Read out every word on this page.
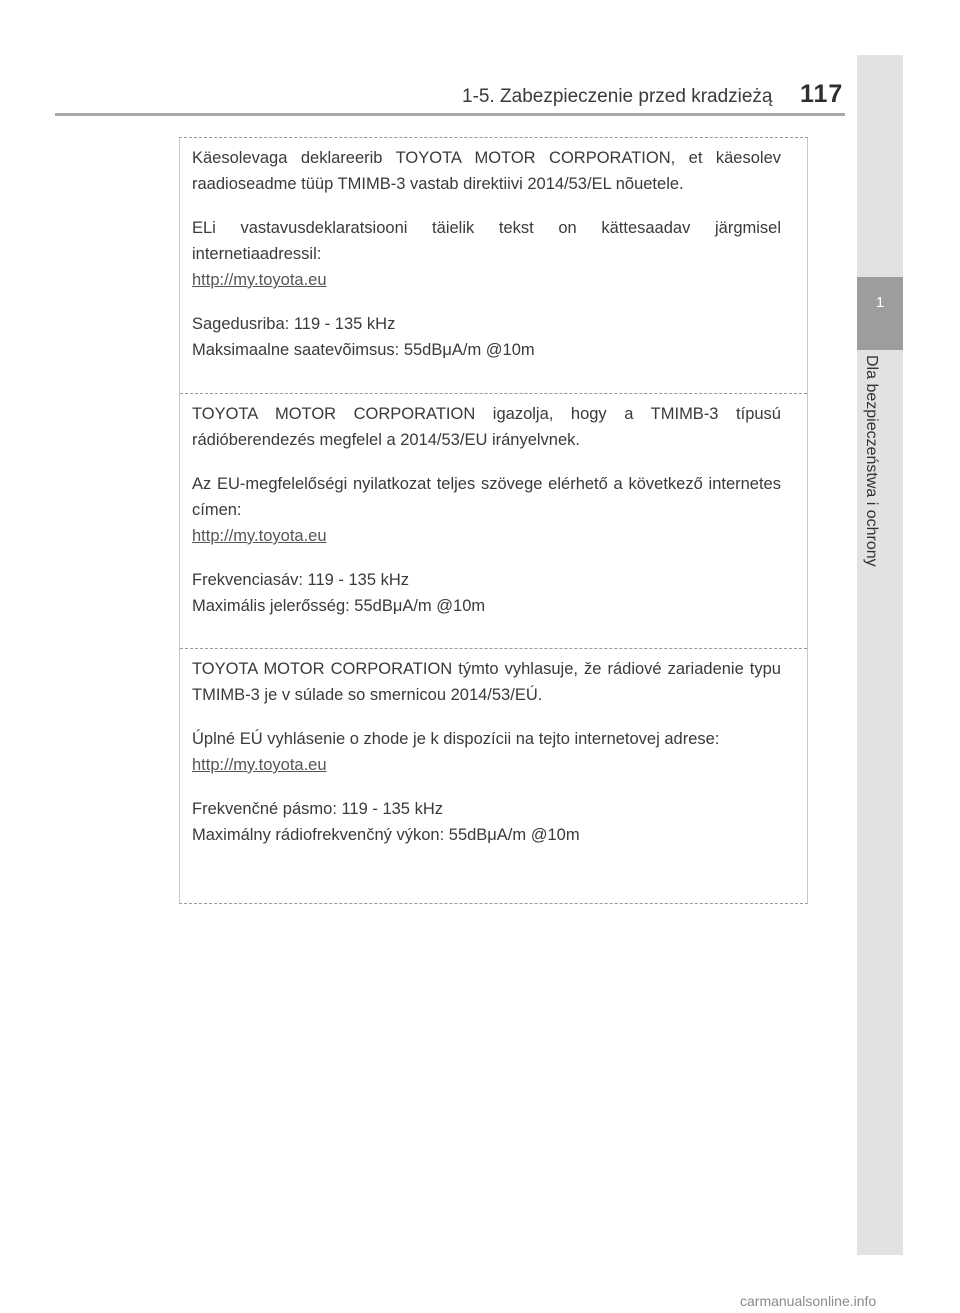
1-5. Zabezpieczenie przed kradzieżą 117
1
Dla bezpieczeństwa i ochrony

Käesolevaga deklareerib TOYOTA MOTOR CORPORATION, et käesolev raadioseadme tüüp TMIMB-3 vastab direktiivi 2014/53/EL nõuetele.

ELi vastavusdeklaratsiooni täielik tekst on kättesaadav järgmisel internetiaadressil:

http://my.toyota.eu

Sagedusriba: 119 - 135 kHz

Maksimaalne saatevõimsus: 55dBμA/m @10m

TOYOTA MOTOR CORPORATION igazolja, hogy a TMIMB-3 típusú rádióberendezés megfelel a 2014/53/EU irányelvnek.

Az EU-megfelelőségi nyilatkozat teljes szövege elérhető a következő internetes címen:

http://my.toyota.eu

Frekvenciasáv: 119 - 135 kHz

Maximális jelerősség: 55dBμA/m @10m

TOYOTA MOTOR CORPORATION týmto vyhlasuje, že rádiové zariadenie typu TMIMB-3 je v súlade so smernicou 2014/53/EÚ.

Úplné EÚ vyhlásenie o zhode je k dispozícii na tejto internetovej adrese:

http://my.toyota.eu

Frekvenčné pásmo: 119 - 135 kHz

Maximálny rádiofrekvenčný výkon: 55dBμA/m @10m

carmanualsonline.info
